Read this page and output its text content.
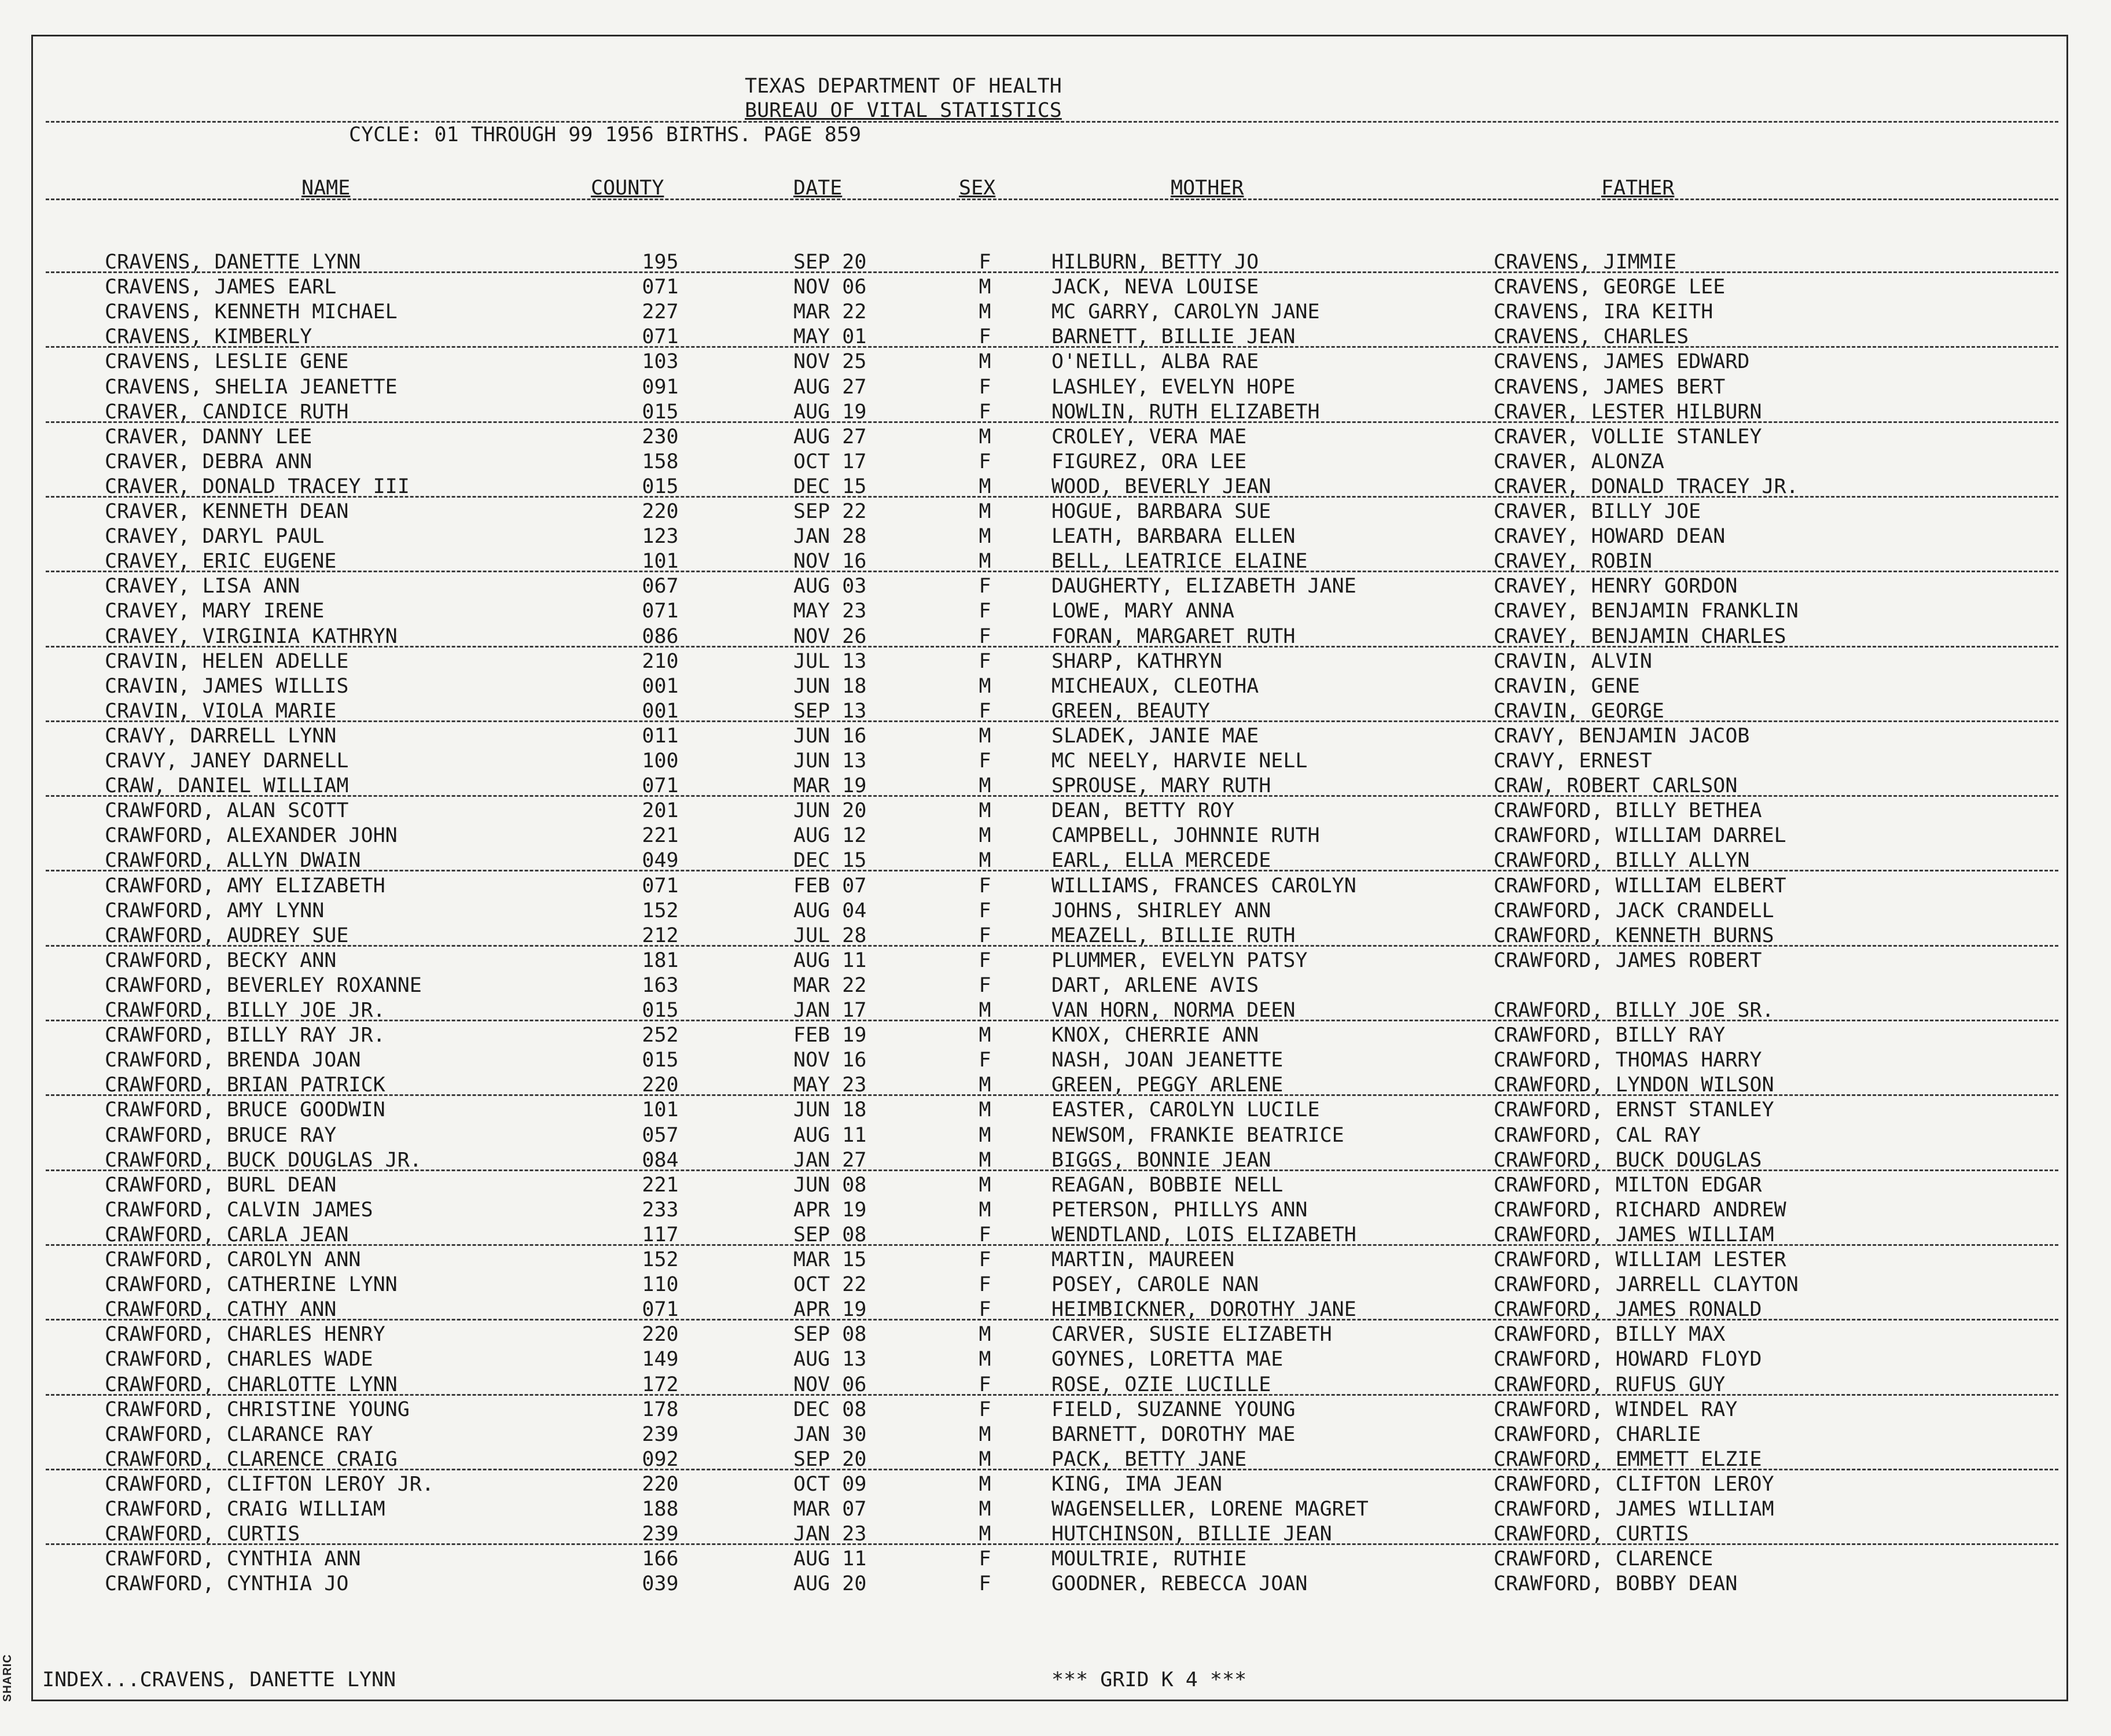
SHARIC
TEXAS DEPARTMENT OF HEALTH
BUREAU OF VITAL STATISTICS
CYCLE: 01 THROUGH 99 1956 BIRTHS. PAGE 859
NAME	COUNTY	DATE	SEX	MOTHER	FATHER
CRAVENS, DANETTE LYNN	195	SEP 20	F	HILBURN, BETTY JO	CRAVENS, JIMMIE
CRAVENS, JAMES EARL	071	NOV 06	M	JACK, NEVA LOUISE	CRAVENS, GEORGE LEE
CRAVENS, KENNETH MICHAEL	227	MAR 22	M	MC GARRY, CAROLYN JANE	CRAVENS, IRA KEITH
CRAVENS, KIMBERLY	071	MAY 01	F	BARNETT, BILLIE JEAN	CRAVENS, CHARLES
CRAVENS, LESLIE GENE	103	NOV 25	M	O'NEILL, ALBA RAE	CRAVENS, JAMES EDWARD
CRAVENS, SHELIA JEANETTE	091	AUG 27	F	LASHLEY, EVELYN HOPE	CRAVENS, JAMES BERT
CRAVER, CANDICE RUTH	015	AUG 19	F	NOWLIN, RUTH ELIZABETH	CRAVER, LESTER HILBURN
CRAVER, DANNY LEE	230	AUG 27	M	CROLEY, VERA MAE	CRAVER, VOLLIE STANLEY
CRAVER, DEBRA ANN	158	OCT 17	F	FIGUREZ, ORA LEE	CRAVER, ALONZA
CRAVER, DONALD TRACEY III	015	DEC 15	M	WOOD, BEVERLY JEAN	CRAVER, DONALD TRACEY JR.
CRAVER, KENNETH DEAN	220	SEP 22	M	HOGUE, BARBARA SUE	CRAVER, BILLY JOE
CRAVEY, DARYL PAUL	123	JAN 28	M	LEATH, BARBARA ELLEN	CRAVEY, HOWARD DEAN
CRAVEY, ERIC EUGENE	101	NOV 16	M	BELL, LEATRICE ELAINE	CRAVEY, ROBIN
CRAVEY, LISA ANN	067	AUG 03	F	DAUGHERTY, ELIZABETH JANE	CRAVEY, HENRY GORDON
CRAVEY, MARY IRENE	071	MAY 23	F	LOWE, MARY ANNA	CRAVEY, BENJAMIN FRANKLIN
CRAVEY, VIRGINIA KATHRYN	086	NOV 26	F	FORAN, MARGARET RUTH	CRAVEY, BENJAMIN CHARLES
CRAVIN, HELEN ADELLE	210	JUL 13	F	SHARP, KATHRYN	CRAVIN, ALVIN
CRAVIN, JAMES WILLIS	001	JUN 18	M	MICHEAUX, CLEOTHA	CRAVIN, GENE
CRAVIN, VIOLA MARIE	001	SEP 13	F	GREEN, BEAUTY	CRAVIN, GEORGE
CRAVY, DARRELL LYNN	011	JUN 16	M	SLADEK, JANIE MAE	CRAVY, BENJAMIN JACOB
CRAVY, JANEY DARNELL	100	JUN 13	F	MC NEELY, HARVIE NELL	CRAVY, ERNEST
CRAW, DANIEL WILLIAM	071	MAR 19	M	SPROUSE, MARY RUTH	CRAW, ROBERT CARLSON
CRAWFORD, ALAN SCOTT	201	JUN 20	M	DEAN, BETTY ROY	CRAWFORD, BILLY BETHEA
CRAWFORD, ALEXANDER JOHN	221	AUG 12	M	CAMPBELL, JOHNNIE RUTH	CRAWFORD, WILLIAM DARREL
CRAWFORD, ALLYN DWAIN	049	DEC 15	M	EARL, ELLA MERCEDE	CRAWFORD, BILLY ALLYN
CRAWFORD, AMY ELIZABETH	071	FEB 07	F	WILLIAMS, FRANCES CAROLYN	CRAWFORD, WILLIAM ELBERT
CRAWFORD, AMY LYNN	152	AUG 04	F	JOHNS, SHIRLEY ANN	CRAWFORD, JACK CRANDELL
CRAWFORD, AUDREY SUE	212	JUL 28	F	MEAZELL, BILLIE RUTH	CRAWFORD, KENNETH BURNS
CRAWFORD, BECKY ANN	181	AUG 11	F	PLUMMER, EVELYN PATSY	CRAWFORD, JAMES ROBERT
CRAWFORD, BEVERLEY ROXANNE	163	MAR 22	F	DART, ARLENE AVIS
CRAWFORD, BILLY JOE JR.	015	JAN 17	M	VAN HORN, NORMA DEEN	CRAWFORD, BILLY JOE SR.
CRAWFORD, BILLY RAY JR.	252	FEB 19	M	KNOX, CHERRIE ANN	CRAWFORD, BILLY RAY
CRAWFORD, BRENDA JOAN	015	NOV 16	F	NASH, JOAN JEANETTE	CRAWFORD, THOMAS HARRY
CRAWFORD, BRIAN PATRICK	220	MAY 23	M	GREEN, PEGGY ARLENE	CRAWFORD, LYNDON WILSON
CRAWFORD, BRUCE GOODWIN	101	JUN 18	M	EASTER, CAROLYN LUCILE	CRAWFORD, ERNST STANLEY
CRAWFORD, BRUCE RAY	057	AUG 11	M	NEWSOM, FRANKIE BEATRICE	CRAWFORD, CAL RAY
CRAWFORD, BUCK DOUGLAS JR.	084	JAN 27	M	BIGGS, BONNIE JEAN	CRAWFORD, BUCK DOUGLAS
CRAWFORD, BURL DEAN	221	JUN 08	M	REAGAN, BOBBIE NELL	CRAWFORD, MILTON EDGAR
CRAWFORD, CALVIN JAMES	233	APR 19	M	PETERSON, PHILLYS ANN	CRAWFORD, RICHARD ANDREW
CRAWFORD, CARLA JEAN	117	SEP 08	F	WENDTLAND, LOIS ELIZABETH	CRAWFORD, JAMES WILLIAM
CRAWFORD, CAROLYN ANN	152	MAR 15	F	MARTIN, MAUREEN	CRAWFORD, WILLIAM LESTER
CRAWFORD, CATHERINE LYNN	110	OCT 22	F	POSEY, CAROLE NAN	CRAWFORD, JARRELL CLAYTON
CRAWFORD, CATHY ANN	071	APR 19	F	HEIMBICKNER, DOROTHY JANE	CRAWFORD, JAMES RONALD
CRAWFORD, CHARLES HENRY	220	SEP 08	M	CARVER, SUSIE ELIZABETH	CRAWFORD, BILLY MAX
CRAWFORD, CHARLES WADE	149	AUG 13	M	GOYNES, LORETTA MAE	CRAWFORD, HOWARD FLOYD
CRAWFORD, CHARLOTTE LYNN	172	NOV 06	F	ROSE, OZIE LUCILLE	CRAWFORD, RUFUS GUY
CRAWFORD, CHRISTINE YOUNG	178	DEC 08	F	FIELD, SUZANNE YOUNG	CRAWFORD, WINDEL RAY
CRAWFORD, CLARANCE RAY	239	JAN 30	M	BARNETT, DOROTHY MAE	CRAWFORD, CHARLIE
CRAWFORD, CLARENCE CRAIG	092	SEP 20	M	PACK, BETTY JANE	CRAWFORD, EMMETT ELZIE
CRAWFORD, CLIFTON LEROY JR.	220	OCT 09	M	KING, IMA JEAN	CRAWFORD, CLIFTON LEROY
CRAWFORD, CRAIG WILLIAM	188	MAR 07	M	WAGENSELLER, LORENE MAGRET	CRAWFORD, JAMES WILLIAM
CRAWFORD, CURTIS	239	JAN 23	M	HUTCHINSON, BILLIE JEAN	CRAWFORD, CURTIS
CRAWFORD, CYNTHIA ANN	166	AUG 11	F	MOULTRIE, RUTHIE	CRAWFORD, CLARENCE
CRAWFORD, CYNTHIA JO	039	AUG 20	F	GOODNER, REBECCA JOAN	CRAWFORD, BOBBY DEAN
INDEX...CRAVENS, DANETTE LYNN	*** GRID K 4 ***
